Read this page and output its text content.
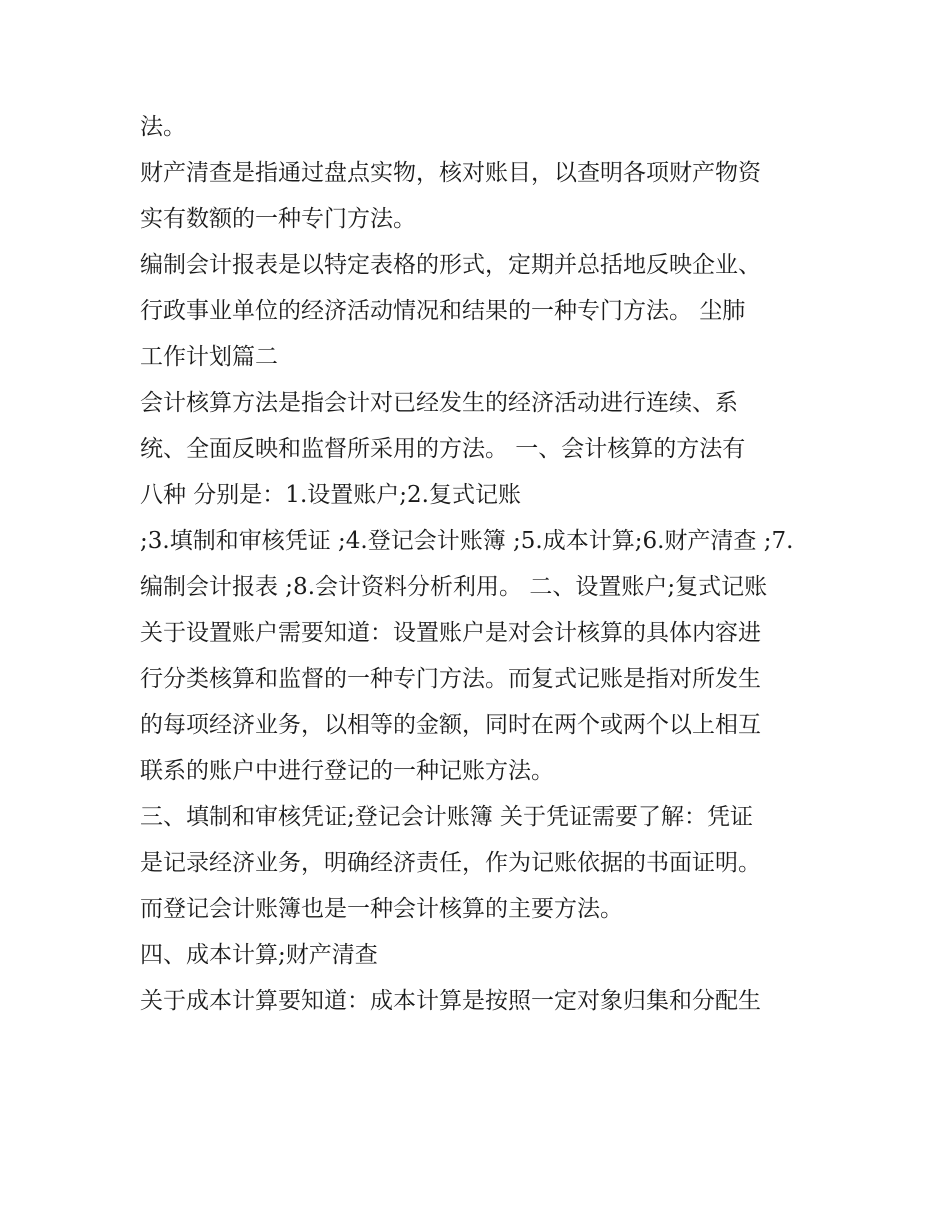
法。
财产清查是指通过盘点实物，核对账目，以查明各项财产物资
实有数额的一种专门方法。
编制会计报表是以特定表格的形式，定期并总括地反映企业、
行政事业单位的经济活动情况和结果的一种专门方法。 尘肺
工作计划篇二
会计核算方法是指会计对已经发生的经济活动进行连续、系
统、全面反映和监督所采用的方法。 一、会计核算的方法有
八种 分别是：1.设置账户;2.复式记账
;3.填制和审核凭证 ;4.登记会计账簿 ;5.成本计算;6.财产清查 ;7.
编制会计报表 ;8.会计资料分析利用。 二、设置账户;复式记账
关于设置账户需要知道：设置账户是对会计核算的具体内容进
行分类核算和监督的一种专门方法。而复式记账是指对所发生
的每项经济业务，以相等的金额，同时在两个或两个以上相互
联系的账户中进行登记的一种记账方法。
三、填制和审核凭证;登记会计账簿 关于凭证需要了解：凭证
是记录经济业务，明确经济责任，作为记账依据的书面证明。
而登记会计账簿也是一种会计核算的主要方法。
四、成本计算;财产清查
关于成本计算要知道：成本计算是按照一定对象归集和分配生
